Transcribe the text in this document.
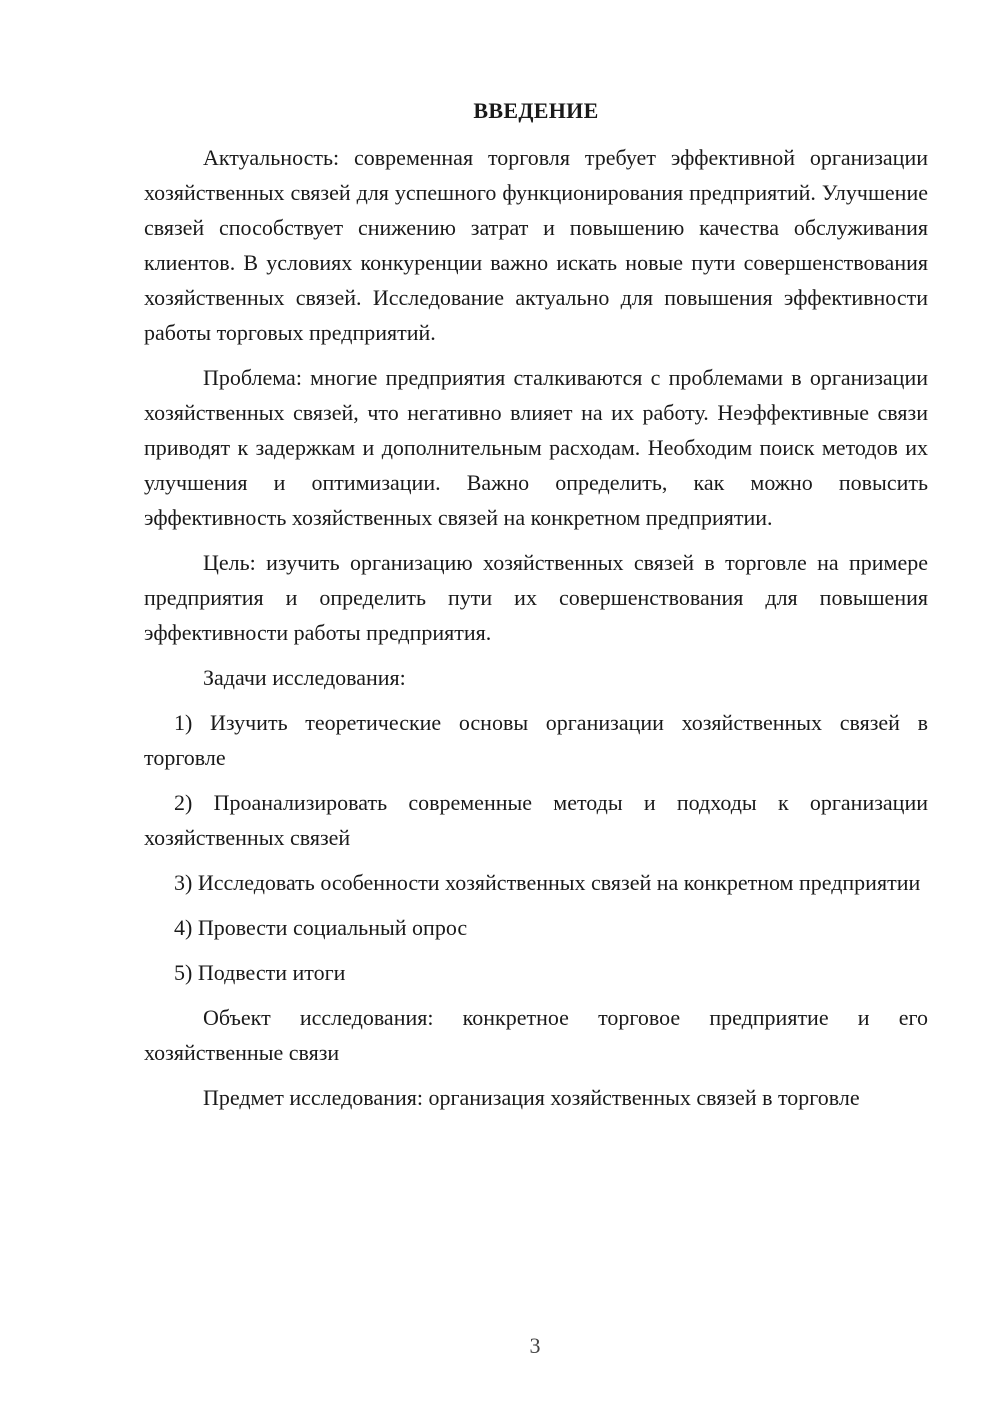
ВВЕДЕНИЕ

Актуальность: современная торговля требует эффективной организации хозяйственных связей для успешного функционирования предприятий. Улучшение связей способствует снижению затрат и повышению качества обслуживания клиентов. В условиях конкуренции важно искать новые пути совершенствования хозяйственных связей. Исследование актуально для повышения эффективности работы торговых предприятий.

Проблема: многие предприятия сталкиваются с проблемами в организации хозяйственных связей, что негативно влияет на их работу. Неэффективные связи приводят к задержкам и дополнительным расходам. Необходим поиск методов их улучшения и оптимизации. Важно определить, как можно повысить эффективность хозяйственных связей на конкретном предприятии.

Цель: изучить организацию хозяйственных связей в торговле на примере предприятия и определить пути их совершенствования для повышения эффективности работы предприятия.

Задачи исследования:

1) Изучить теоретические основы организации хозяйственных связей в торговле

2) Проанализировать современные методы и подходы к организации хозяйственных связей

3) Исследовать особенности хозяйственных связей на конкретном предприятии

4) Провести социальный опрос

5) Подвести итоги

Объект исследования: конкретное торговое предприятие и его хозяйственные связи

Предмет исследования: организация хозяйственных связей в торговле

3
